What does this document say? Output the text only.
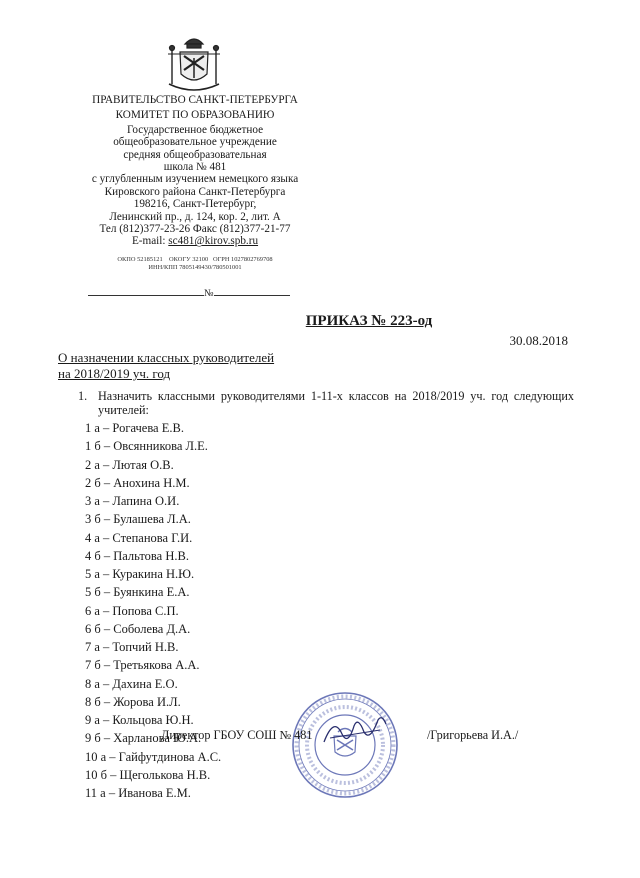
ПРАВИТЕЛЬСТВО САНКТ-ПЕТЕРБУРГА
КОМИТЕТ ПО ОБРАЗОВАНИЮ
Государственное бюджетное
общеобразовательное учреждение
средняя общеобразовательная
школа № 481
с углубленным изучением немецкого языка
Кировского района Санкт-Петербурга
198216, Санкт-Петербург,
Ленинский пр., д. 124, кор. 2, лит. А
Тел (812)377-23-26 Факс (812)377-21-77
E-mail: sc481@kirov.spb.ru
ОКПО 52185121    ОКОГУ 32100   ОГРН 1027802769708
ИНН/КПП 7805149430/780501001
№
ПРИКАЗ № 223-од
30.08.2018
О назначении классных руководителей
на 2018/2019 уч. год
1. Назначить классными руководителями 1-11-х классов на 2018/2019 уч. год следующих учителей:
1 а – Рогачева Е.В.
1 б – Овсянникова Л.Е.
2 а – Лютая О.В.
2 б – Анохина Н.М.
3 а – Лапина О.И.
3 б – Булашева Л.А.
4 а – Степанова Г.И.
4 б – Пальтова Н.В.
5 а – Куракина Н.Ю.
5 б – Буянкина Е.А.
6 а – Попова С.П.
6 б – Соболева Д.А.
7 а – Топчий Н.В.
7 б – Третьякова А.А.
8 а – Дахина Е.О.
8 б – Жорова И.Л.
9 а – Кольцова Ю.Н.
9 б – Харланова Ю.А.
10 а – Гайфутдинова А.С.
10 б – Щеголькова Н.В.
11 а – Иванова Е.М.
Директор ГБОУ СОШ № 481	/Григорьева И.А./
